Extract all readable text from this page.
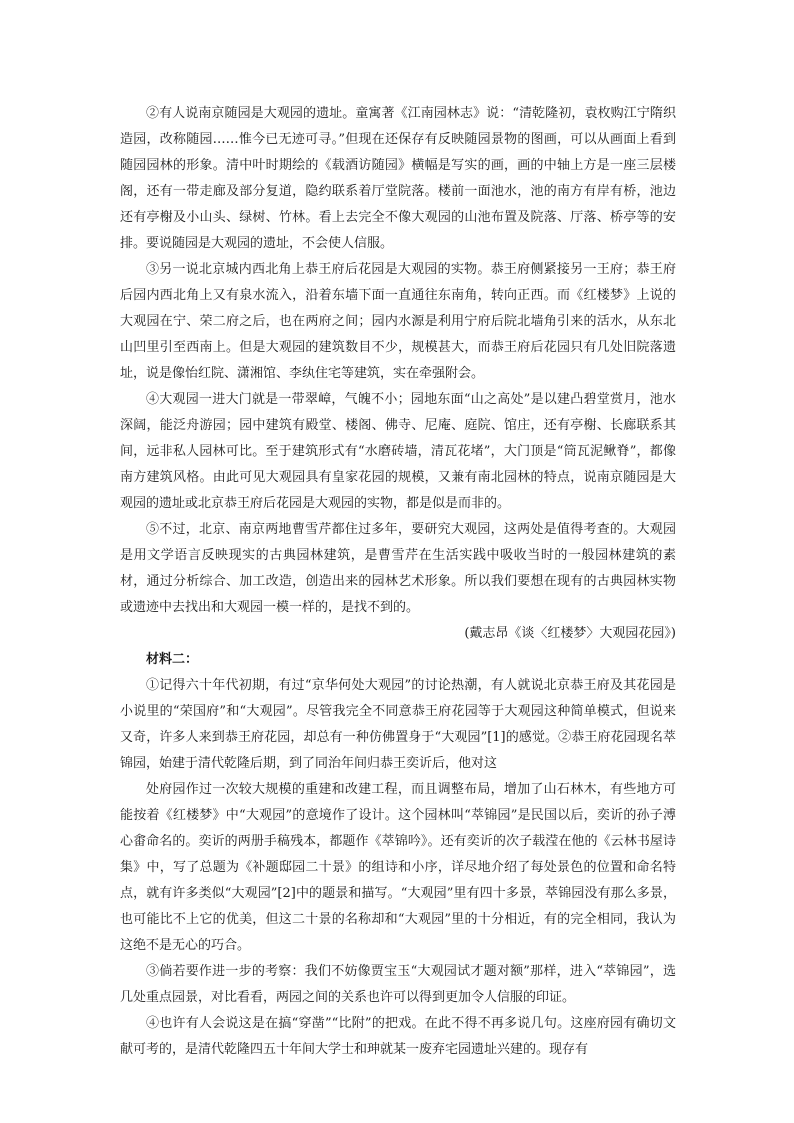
②有人说南京随园是大观园的遗址。童寓著《江南园林志》说：“清乾隆初，袁枚购江宁隋织造园，改称随园……惟今已无迹可寻。”但现在还保存有反映随园景物的图画，可以从画面上看到随园园林的形象。清中叶时期绘的《载酒访随园》横幅是写实的画，画的中轴上方是一座三层楼阁，还有一带走廊及部分复道，隐约联系着厅堂院落。楼前一面池水，池的南方有岸有桥，池边还有亭榭及小山头、绿树、竹林。看上去完全不像大观园的山池布置及院落、厅落、桥亭等的安排。要说随园是大观园的遗址，不会使人信服。

③另一说北京城内西北角上恭王府后花园是大观园的实物。恭王府侧紧接另一王府；恭王府后园内西北角上又有泉水流入，沿着东墙下面一直通往东南角，转向正西。而《红楼梦》上说的大观园在宁、荣二府之后，也在两府之间；园内水源是利用宁府后院北墙角引来的活水，从东北山凹里引至西南上。但是大观园的建筑数目不少，规模甚大，而恭王府后花园只有几处旧院落遗址，说是像怡红院、潇湘馆、李纨住宅等建筑，实在牵强附会。

④大观园一进大门就是一带翠嶂，气魄不小；园地东面“山之高处”是以建凸碧堂赏月，池水深阔，能泛舟游园；园中建筑有殿堂、楼阁、佛寺、尼庵、庭院、馆庄，还有亭榭、长廊联系其间，远非私人园林可比。至于建筑形式有“水磨砖墙，清瓦花堵”，大门顶是“筒瓦泥鳅脊”，都像南方建筑风格。由此可见大观园具有皇家花园的规模，又兼有南北园林的特点，说南京随园是大观园的遗址或北京恭王府后花园是大观园的实物，都是似是而非的。

⑤不过，北京、南京两地曹雪芹都住过多年，要研究大观园，这两处是值得考查的。大观园是用文学语言反映现实的古典园林建筑，是曹雪芹在生活实践中吸收当时的一般园林建筑的素材，通过分析综合、加工改造，创造出来的园林艺术形象。所以我们要想在现有的古典园林实物或遗迹中去找出和大观园一模一样的，是找不到的。

(戴志昂《谈〈红楼梦〉大观园花园》)

材料二：

①记得六十年代初期，有过“京华何处大观园”的讨论热潮，有人就说北京恭王府及其花园是小说里的“荣国府”和“大观园”。尽管我完全不同意恭王府花园等于大观园这种简单模式，但说来又奇，许多人来到恭王府花园，却总有一种仿佛置身于“大观园”[1]的感觉。②恭王府花园现名萃锦园，始建于清代乾隆后期，到了同治年间归恭王奕䜣后，他对这

处府园作过一次较大规模的重建和改建工程，而且调整布局，增加了山石林木，有些地方可能按着《红楼梦》中“大观园”的意境作了设计。这个园林叫“萃锦园”是民国以后，奕䜣的孙子溥心畬命名的。奕䜣的两册手稿残本，都题作《萃锦吟》。还有奕䜣的次子载滢在他的《云林书屋诗集》中，写了总题为《补题邸园二十景》的组诗和小序，详尽地介绍了每处景色的位置和命名特点，就有许多类似“大观园”[2]中的题景和描写。“大观园”里有四十多景，萃锦园没有那么多景，也可能比不上它的优美，但这二十景的名称却和“大观园”里的十分相近，有的完全相同，我认为这绝不是无心的巧合。

③倘若要作进一步的考察：我们不妨像贾宝玉“大观园试才题对额”那样，进入“萃锦园”，选几处重点园景，对比看看，两园之间的关系也许可以得到更加令人信服的印证。

④也许有人会说这是在搞“穿凿”“比附”的把戏。在此不得不再多说几句。这座府园有确切文献可考的，是清代乾隆四五十年间大学士和珅就某一废弃宅园遗址兴建的。现存有
